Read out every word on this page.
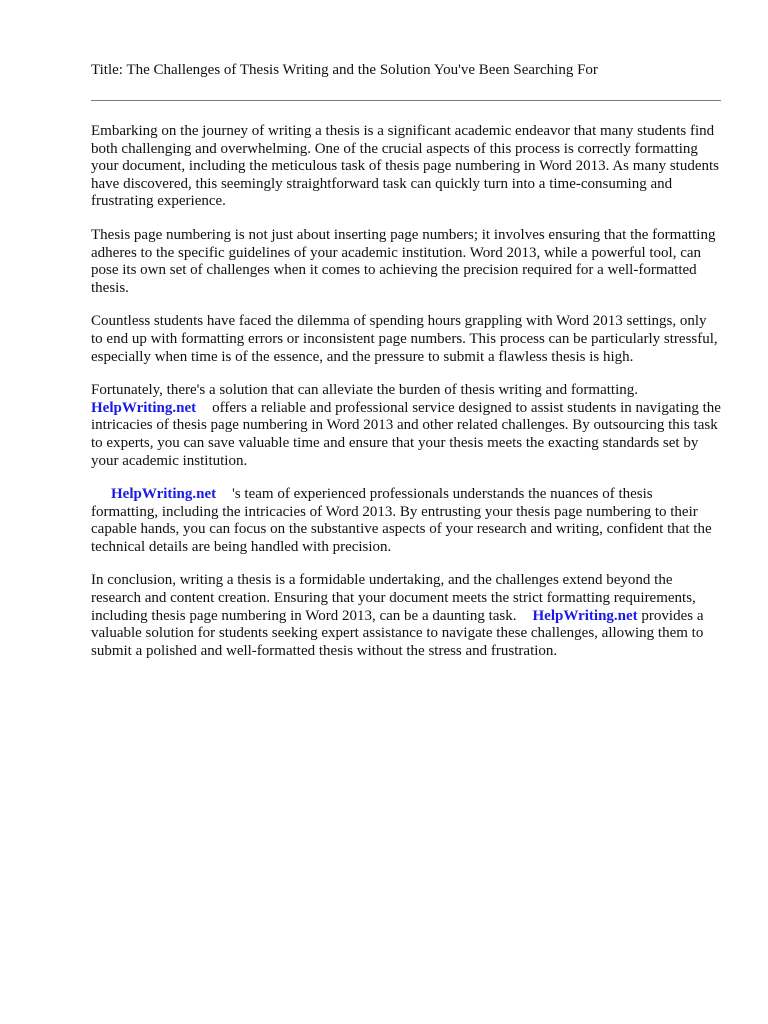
Title: The Challenges of Thesis Writing and the Solution You've Been Searching For

Embarking on the journey of writing a thesis is a significant academic endeavor that many students find both challenging and overwhelming. One of the crucial aspects of this process is correctly formatting your document, including the meticulous task of thesis page numbering in Word 2013. As many students have discovered, this seemingly straightforward task can quickly turn into a time-consuming and frustrating experience.

Thesis page numbering is not just about inserting page numbers; it involves ensuring that the formatting adheres to the specific guidelines of your academic institution. Word 2013, while a powerful tool, can pose its own set of challenges when it comes to achieving the precision required for a well-formatted thesis.

Countless students have faced the dilemma of spending hours grappling with Word 2013 settings, only to end up with formatting errors or inconsistent page numbers. This process can be particularly stressful, especially when time is of the essence, and the pressure to submit a flawless thesis is high.

Fortunately, there's a solution that can alleviate the burden of thesis writing and formatting.
HelpWriting.net offers a reliable and professional service designed to assist students in navigating the intricacies of thesis page numbering in Word 2013 and other related challenges. By outsourcing this task to experts, you can save valuable time and ensure that your thesis meets the exacting standards set by your academic institution.

HelpWriting.net 's team of experienced professionals understands the nuances of thesis formatting, including the intricacies of Word 2013. By entrusting your thesis page numbering to their capable hands, you can focus on the substantive aspects of your research and writing, confident that the technical details are being handled with precision.

In conclusion, writing a thesis is a formidable undertaking, and the challenges extend beyond the research and content creation. Ensuring that your document meets the strict formatting requirements, including thesis page numbering in Word 2013, can be a daunting task. HelpWriting.net provides a valuable solution for students seeking expert assistance to navigate these challenges, allowing them to submit a polished and well-formatted thesis without the stress and frustration.
